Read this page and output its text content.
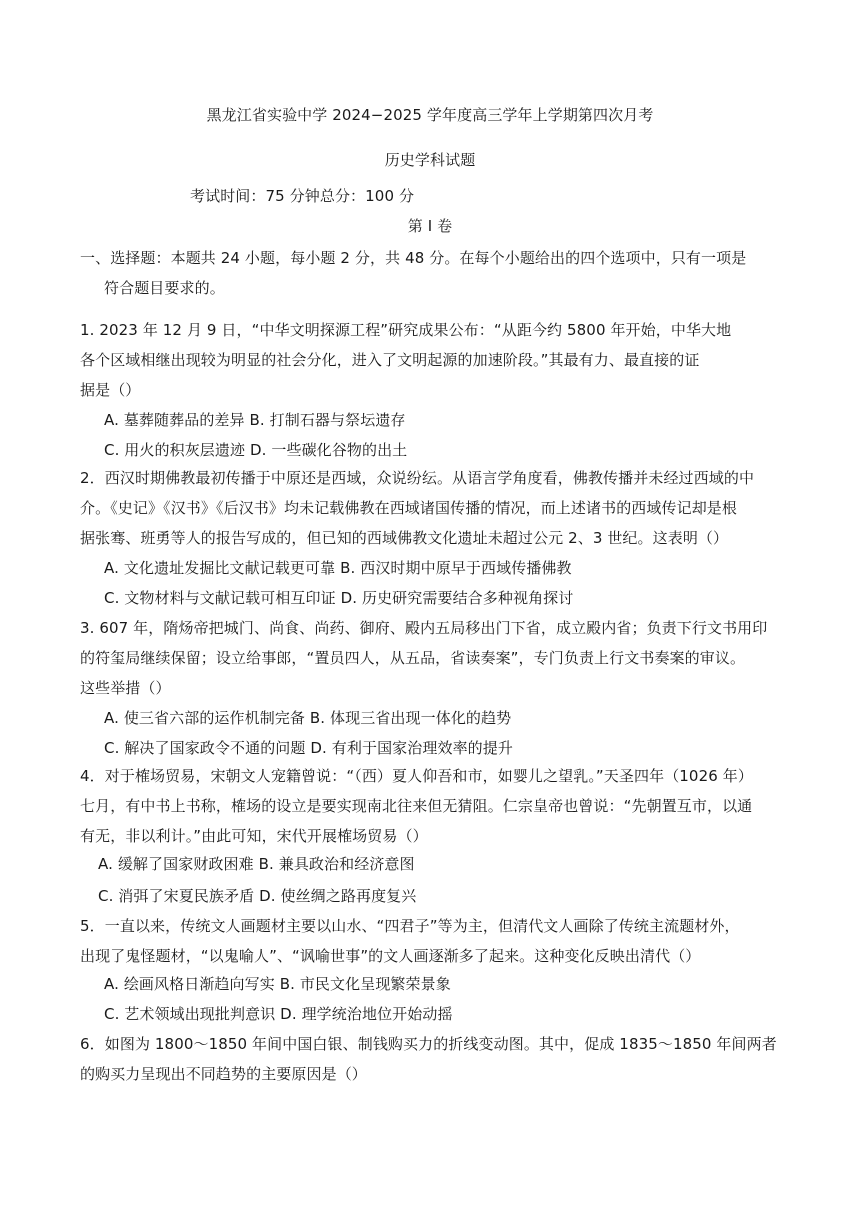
黑龙江省实验中学 2024−2025 学年度高三学年上学期第四次月考
历史学科试题
考试时间：75 分钟总分：100 分
第 I 卷
一、选择题：本题共 24 小题，每小题 2 分，共 48 分。在每个小题给出的四个选项中，只有一项是
符合题目要求的。
1. 2023 年 12 月 9 日，“中华文明探源工程”研究成果公布：“从距今约 5800 年开始，中华大地
各个区域相继出现较为明显的社会分化，进入了文明起源的加速阶段。”其最有力、最直接的证
据是（）
A. 墓葬随葬品的差异 B. 打制石器与祭坛遗存
C. 用火的积灰层遗迹 D. 一些碳化谷物的出土
2．西汉时期佛教最初传播于中原还是西域，众说纷纭。从语言学角度看，佛教传播并未经过西域的中
介。《史记》《汉书》《后汉书》均未记载佛教在西域诸国传播的情况，而上述诸书的西域传记却是根
据张骞、班勇等人的报告写成的，但已知的西域佛教文化遗址未超过公元 2、3 世纪。这表明（）
A. 文化遗址发掘比文献记载更可靠 B. 西汉时期中原早于西域传播佛教
C. 文物材料与文献记载可相互印证 D. 历史研究需要结合多种视角探讨
3. 607 年，隋炀帝把城门、尚食、尚药、御府、殿内五局移出门下省，成立殿内省；负责下行文书用印
的符玺局继续保留；设立给事郎，“置员四人，从五品，省读奏案”，专门负责上行文书奏案的审议。
这些举措（）
A. 使三省六部的运作机制完备 B. 体现三省出现一体化的趋势
C. 解决了国家政令不通的问题 D. 有利于国家治理效率的提升
4．对于榷场贸易，宋朝文人宠籍曾说：“（西）夏人仰吾和市，如婴儿之望乳。”天圣四年（1026 年）
七月，有中书上书称，榷场的设立是要实现南北往来但无猜阻。仁宗皇帝也曾说：“先朝置互市，以通
有无，非以利计。”由此可知，宋代开展榷场贸易（）
A. 缓解了国家财政困难 B. 兼具政治和经济意图
C. 消弭了宋夏民族矛盾 D. 使丝绸之路再度复兴
5．一直以来，传统文人画题材主要以山水、“四君子”等为主，但清代文人画除了传统主流题材外，
出现了鬼怪题材，“以鬼喻人”、“讽喻世事”的文人画逐渐多了起来。这种变化反映出清代（）
A. 绘画风格日渐趋向写实 B. 市民文化呈现繁荣景象
C. 艺术领域出现批判意识 D. 理学统治地位开始动摇
6．如图为 1800～1850 年间中国白银、制钱购买力的折线变动图。其中，促成 1835～1850 年间两者
的购买力呈现出不同趋势的主要原因是（）
